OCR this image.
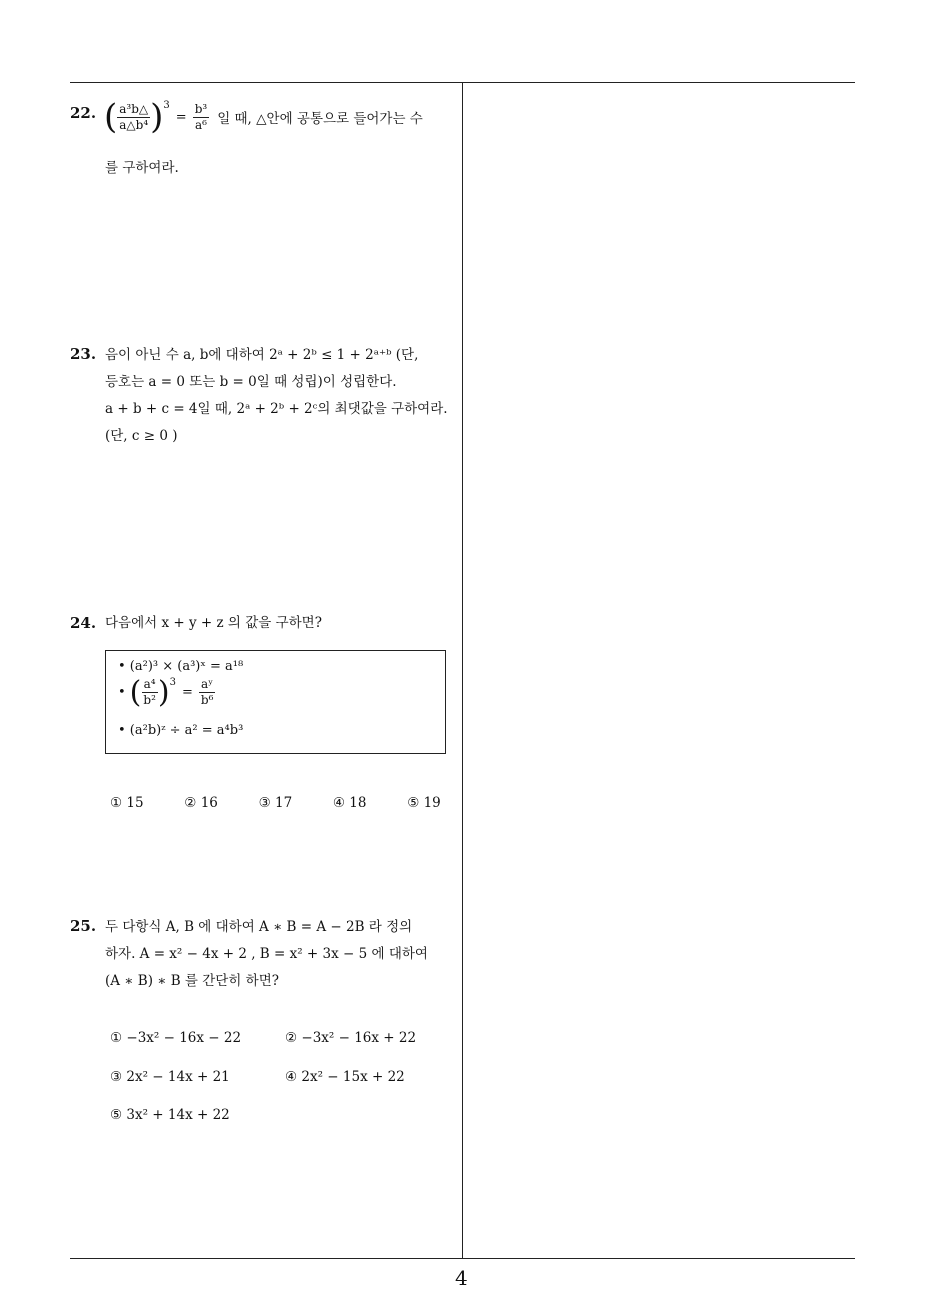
22. ( $\frac{\text{a³b△}}{\text{a△b⁴}} )^3$
= $\frac{\text{b³}}{\text{a⁶}}$ 일 때, △안에 공통으로 들어가는 수
를 구하여라.
23. 음이 아닌 수 a, b에 대하여 2ᵃ + 2ᵇ ≤ 1 + 2ᵃ⁺ᵇ (단,
등호는 a = 0 또는 b = 0일 때 성립)이 성립한다.
a + b + c = 4일 때, 2ᵃ + 2ᵇ + 2ᶜ의 최댓값을 구하여라.
(단, c ≥ 0 )
24. 다음에서 x + y + z 의 값을 구하면?
• (a²)³ × (a³)ˣ = a¹⁸
• ( $\frac{\text{a⁴}}{\text{b²}} )^3$
= $\frac{\text{aʸ}}{\text{b⁶}}$
• (a²b)ᶻ ÷ a² = a⁴b³
① 15	② 16	③ 17	④ 18	⑤ 19
25. 두 다항식 A, B 에 대하여 A ∗ B = A − 2B 라 정의
하자. A = x² − 4x + 2 , B = x² + 3x − 5 에 대하여
(A ∗ B) ∗ B 를 간단히 하면?
① −3x² − 16x − 22	② −3x² − 16x + 22
③ 2x² − 14x + 21	④ 2x² − 15x + 22
⑤ 3x² + 14x + 22
4
